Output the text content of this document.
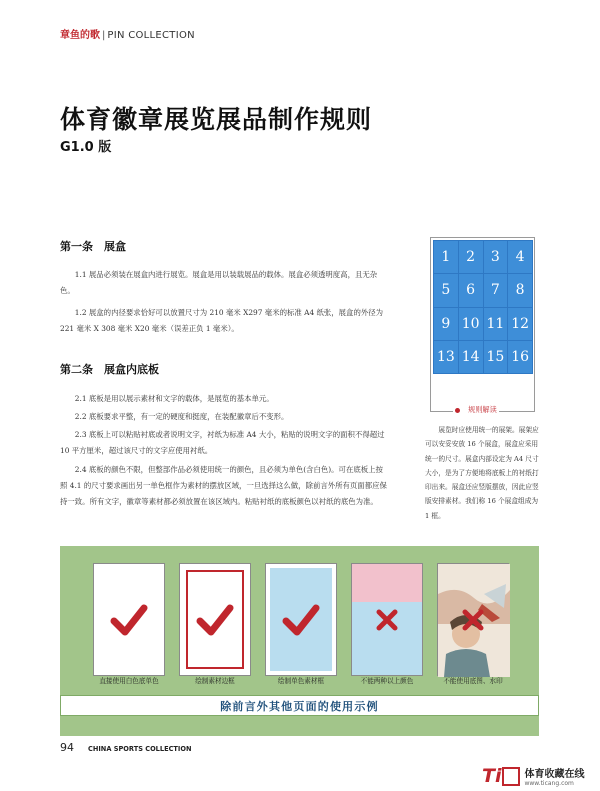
章鱼的歌 | PIN COLLECTION
体育徽章展览展品制作规则
G1.0 版
第一条　展盒
1.1 展品必须装在展盒内进行展览。展盒是用以装载展品的载体。展盒必须透明度高，且无杂色。
1.2 展盒的内径要求恰好可以放置尺寸为 210 毫米 X297 毫米的标准 A4 纸张，展盒的外径为 221 毫米 X 308 毫米 X20 毫米（误差正负 1 毫米）。
第二条　展盒内底板
2.1 底板是用以展示素材和文字的载体，是展览的基本单元。
2.2 底板要求平整，有一定的硬度和挺度，在装配徽章后不变形。
2.3 底板上可以粘贴衬底或者说明文字，衬纸为标准 A4 大小，粘贴的说明文字的面积不得超过 10 平方厘米，超过该尺寸的文字应使用衬纸。
2.4 底板的颜色不限，但整部作品必须使用统一的颜色，且必须为单色(含白色)。可在底板上按照 4.1 的尺寸要求画出另一单色框作为素材的摆放区域，一旦选择这么做，除前言外所有页面都应保持一致。所有文字，徽章等素材都必须放置在该区域内。粘贴衬纸的底板颜色以衬纸的底色为准。
1	2	3	4
5	6	7	8
9 10 11 12
13 14 15 16
规则解读
展览时应使用统一的展架。展架应可以安妥安放 16 个展盒，展盒应采用统一的尺寸。展盒内部设定为 A4 尺寸大小，是为了方便地将底板上的衬纸打印出来。展盒还应竖版摆放，因此应竖版安排素材。我们称 16 个展盒组成为 1 框。
直接使用白色底单色	绘制素材边框	绘制单色素材框	不能两种以上颜色	不能使用底图、水印
除前言外其他页面的使用示例
94 CHINA SPORTS COLLECTION
Ti 体育收藏在线
www.ticang.com
